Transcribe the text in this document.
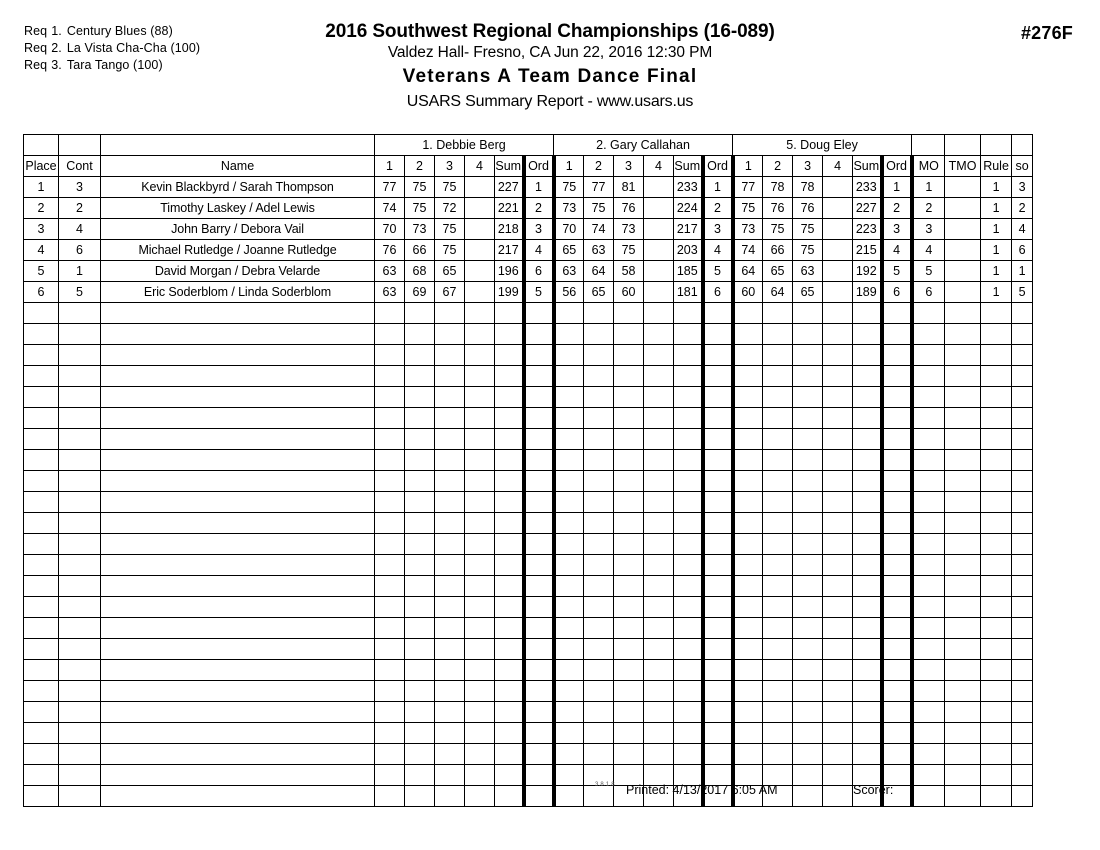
Req 1. Century Blues (88)
Req 2. La Vista Cha-Cha (100)
Req 3. Tara Tango (100)
2016 Southwest Regional Championships (16-089)
Valdez Hall- Fresno, CA Jun 22, 2016 12:30 PM
Veterans A Team Dance Final
USARS Summary Report - www.usars.us
#276F
			1. Debbie Berg						2. Gary Callahan						5. Doug Eley									
Place	Cont	Name	1	2	3	4	Sum	Ord	1	2	3	4	Sum	Ord	1	2	3	4	Sum	Ord	MO	TMO	Rule	so
1	3	Kevin Blackbyrd / Sarah Thompson	77	75	75		227	1	75	77	81		233	1	77	78	78		233	1	1		1	3
2	2	Timothy Laskey / Adel Lewis	74	75	72		221	2	73	75	76		224	2	75	76	76		227	2	2		1	2
3	4	John Barry / Debora Vail	70	73	75		218	3	70	74	73		217	3	73	75	75		223	3	3		1	4
4	6	Michael Rutledge / Joanne Rutledge	76	66	75		217	4	65	63	75		203	4	74	66	75		215	4	4		1	6
5	1	David Morgan / Debra Velarde	63	68	65		196	6	63	64	58		185	5	64	65	63		192	5	5		1	1
6	5	Eric Soderblom / Linda Soderblom	63	69	67		199	5	56	65	60		181	6	60	64	65		189	6	6		1	5

3.8.1.8 Printed: 4/13/2017 6:05 AM	Scorer:
